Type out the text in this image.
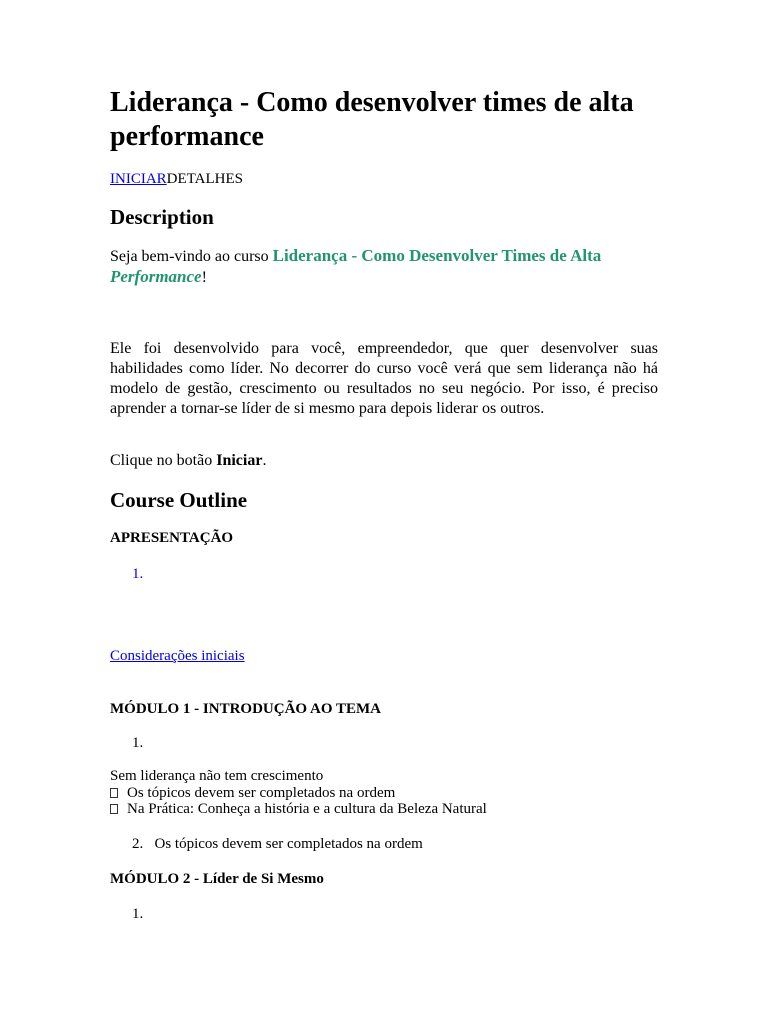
Liderança - Como desenvolver times de alta performance
INICIARDETALHES
Description

Seja bem-vindo ao curso Liderança - Como Desenvolver Times de Alta Performance!

Ele foi desenvolvido para você, empreendedor, que quer desenvolver suas habilidades como líder. No decorrer do curso você verá que sem liderança não há modelo de gestão, crescimento ou resultados no seu negócio. Por isso, é preciso aprender a tornar-se líder de si mesmo para depois liderar os outros.

Clique no botão Iniciar.

Course Outline
APRESENTAÇÃO
1.
Considerações iniciais
MÓDULO 1 - INTRODUÇÃO AO TEMA
1.
Sem liderança não tem crescimento
Os tópicos devem ser completados na ordem
Na Prática: Conheça a história e a cultura da Beleza Natural
2. Os tópicos devem ser completados na ordem
MÓDULO 2 - Líder de Si Mesmo
1.
